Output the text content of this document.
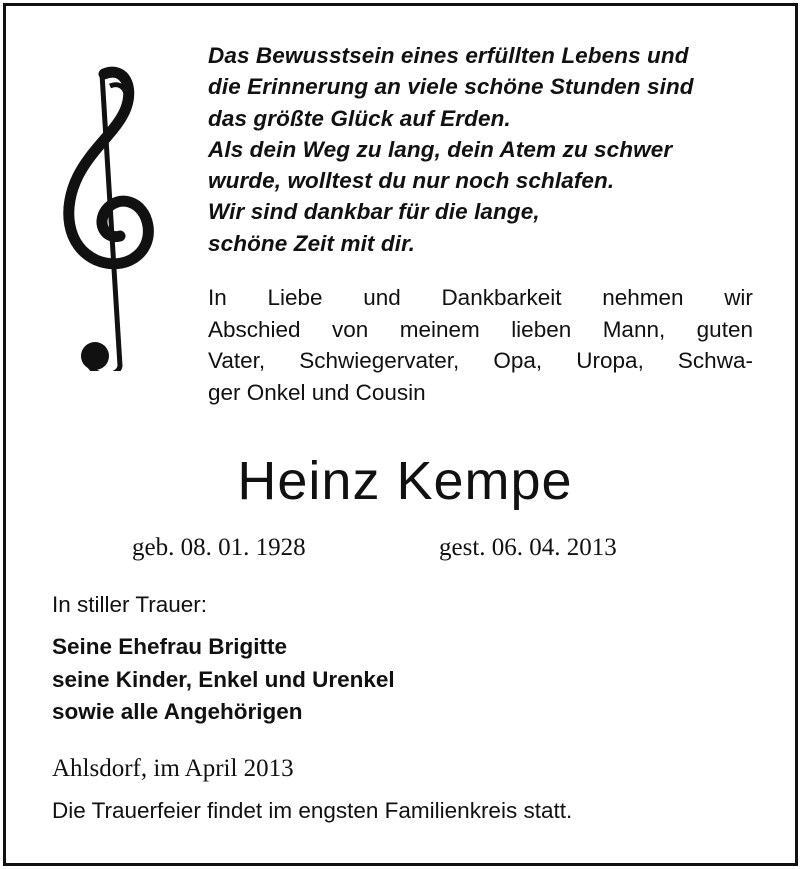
Das Bewusstsein eines erfüllten Lebens und
die Erinnerung an viele schöne Stunden sind
das größte Glück auf Erden.
Als dein Weg zu lang, dein Atem zu schwer
wurde, wolltest du nur noch schlafen.
Wir sind dankbar für die lange,
schöne Zeit mit dir.
In Liebe und Dankbarkeit nehmen wir
Abschied von meinem lieben Mann, guten
Vater, Schwiegervater, Opa, Uropa, Schwa-
ger Onkel und Cousin
Heinz Kempe
geb. 08. 01. 1928	gest. 06. 04. 2013
In stiller Trauer:
Seine Ehefrau Brigitte
seine Kinder, Enkel und Urenkel
sowie alle Angehörigen
Ahlsdorf, im April 2013
Die Trauerfeier findet im engsten Familienkreis statt.
